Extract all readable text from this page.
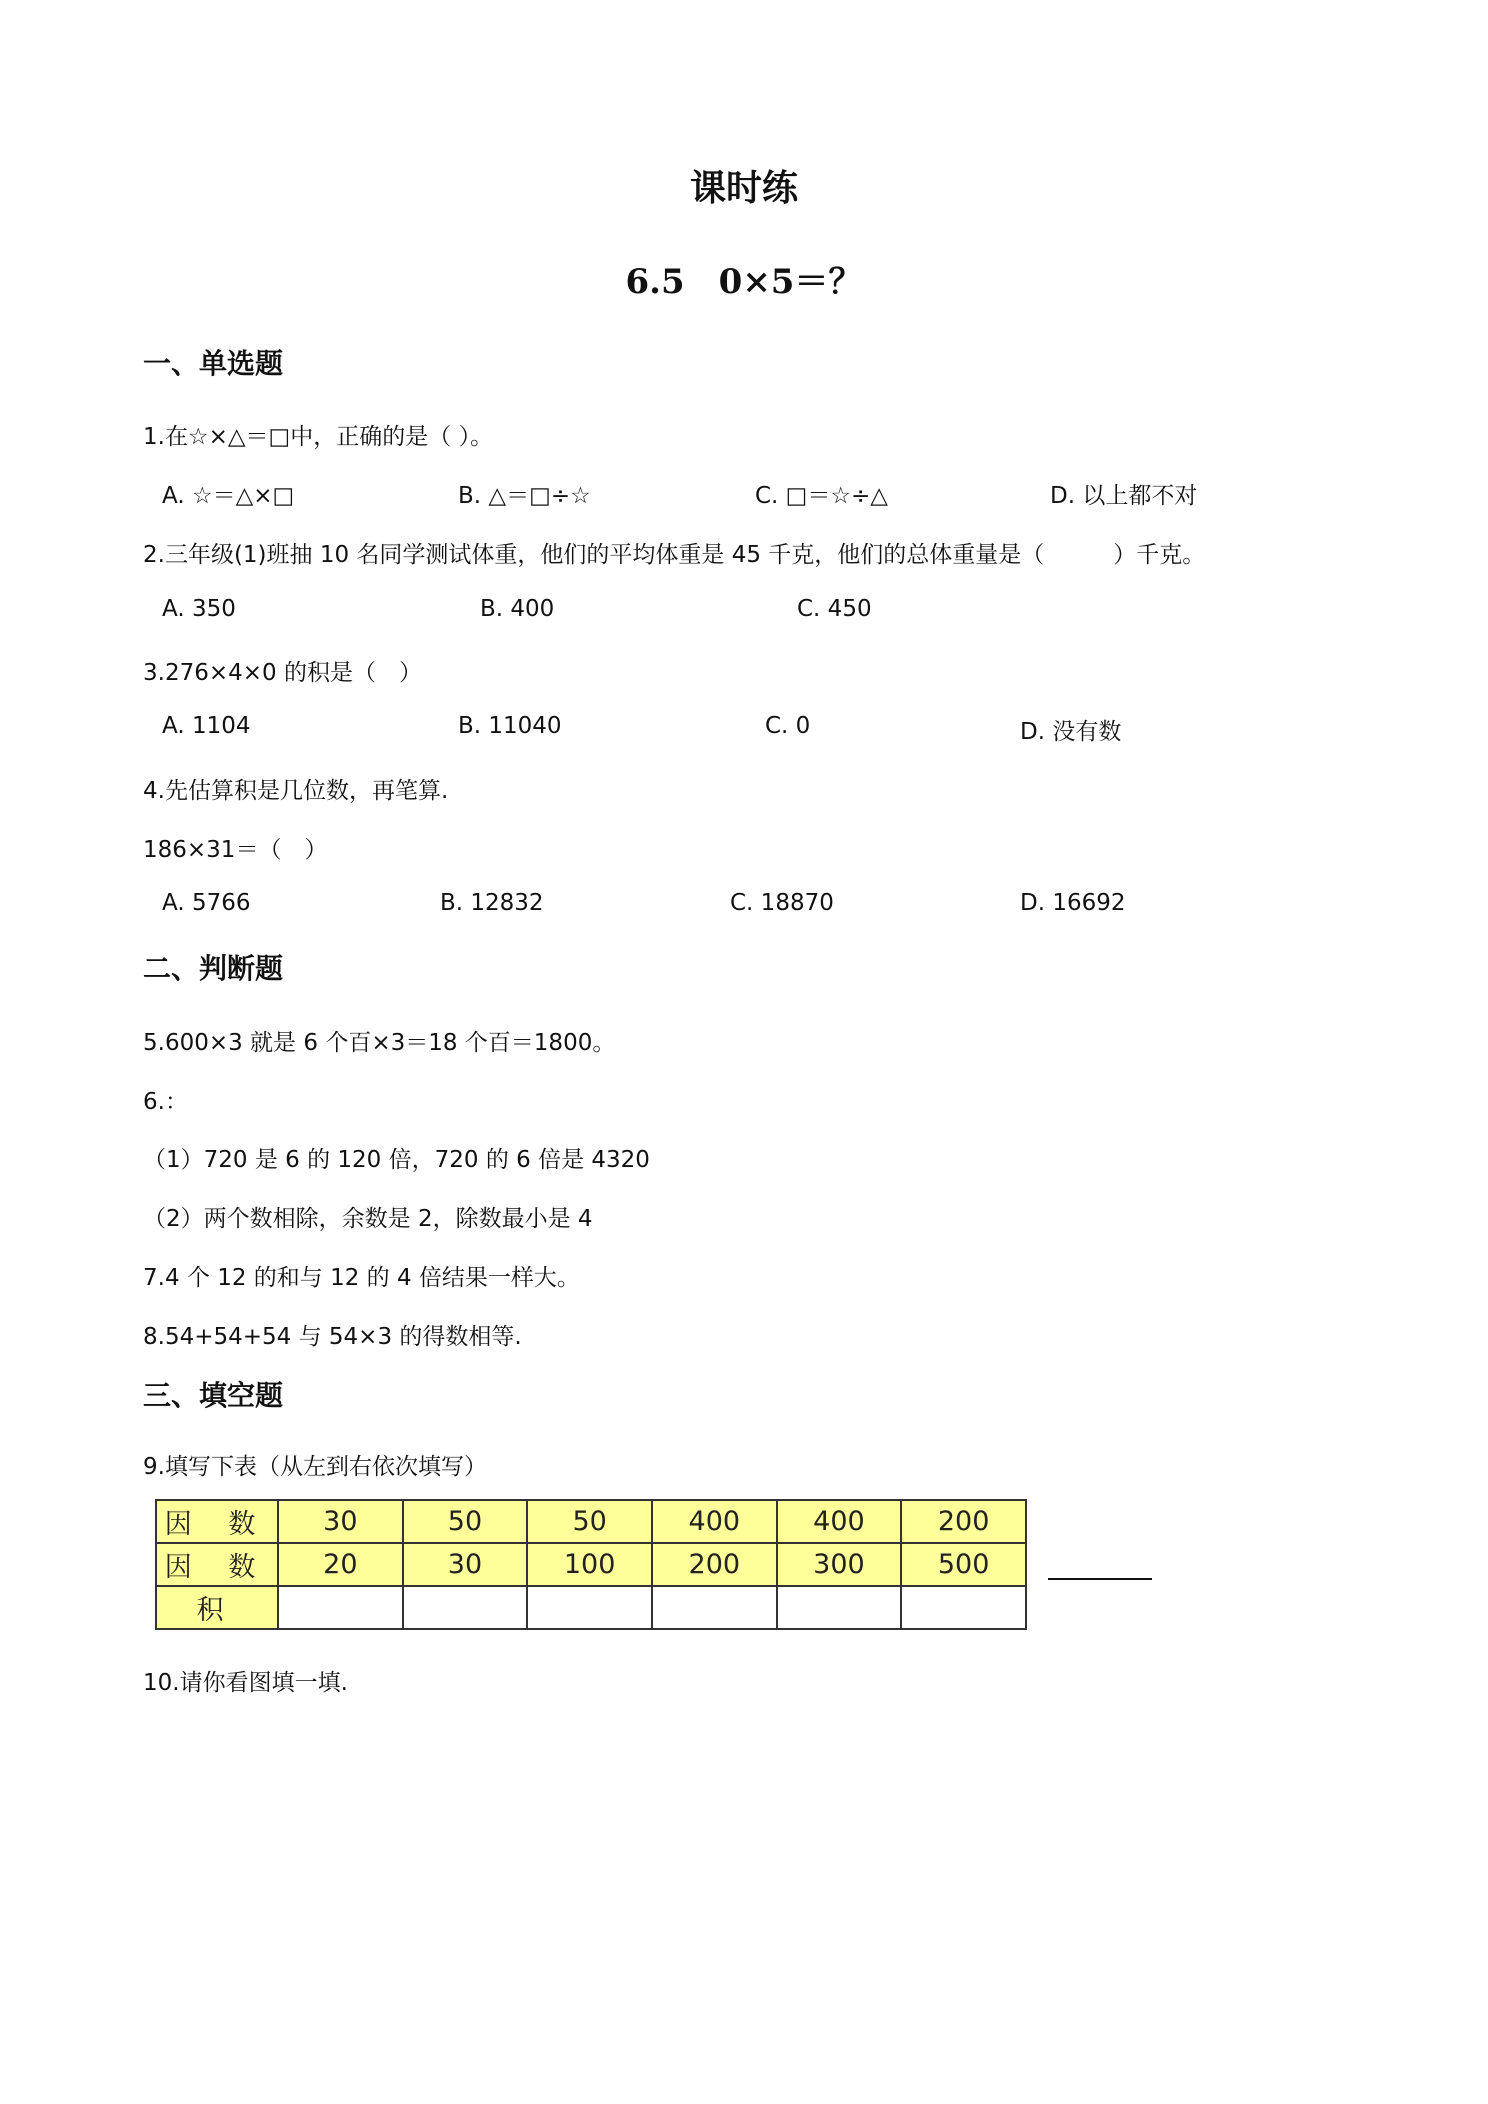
课时练
6.5　0×5＝？
一、单选题
1.在☆×△＝□中，正确的是（ ）。
A. ☆＝△×□	B. △＝□÷☆	C. □＝☆÷△	D. 以上都不对
2.三年级(1)班抽 10 名同学测试体重，他们的平均体重是 45 千克，他们的总体重量是（　　　）千克。
A. 350	B. 400	C. 450
3.276×4×0 的积是（　）
A. 1104	B. 11040	C. 0	D. 没有数
4.先估算积是几位数，再笔算.
186×31＝（　）
A. 5766	B. 12832	C. 18870	D. 16692
二、判断题
5.600×3 就是 6 个百×3＝18 个百＝1800。
6.：
（1）720 是 6 的 120 倍，720 的 6 倍是 4320
（2）两个数相除，余数是 2，除数最小是 4
7.4 个 12 的和与 12 的 4 倍结果一样大。
8.54+54+54 与 54×3 的得数相等.
三、填空题
9.填写下表（从左到右依次填写）
因 数	30	50	50	400	400	200
因 数	20	30	100	200	300	500
积						
10.请你看图填一填.
